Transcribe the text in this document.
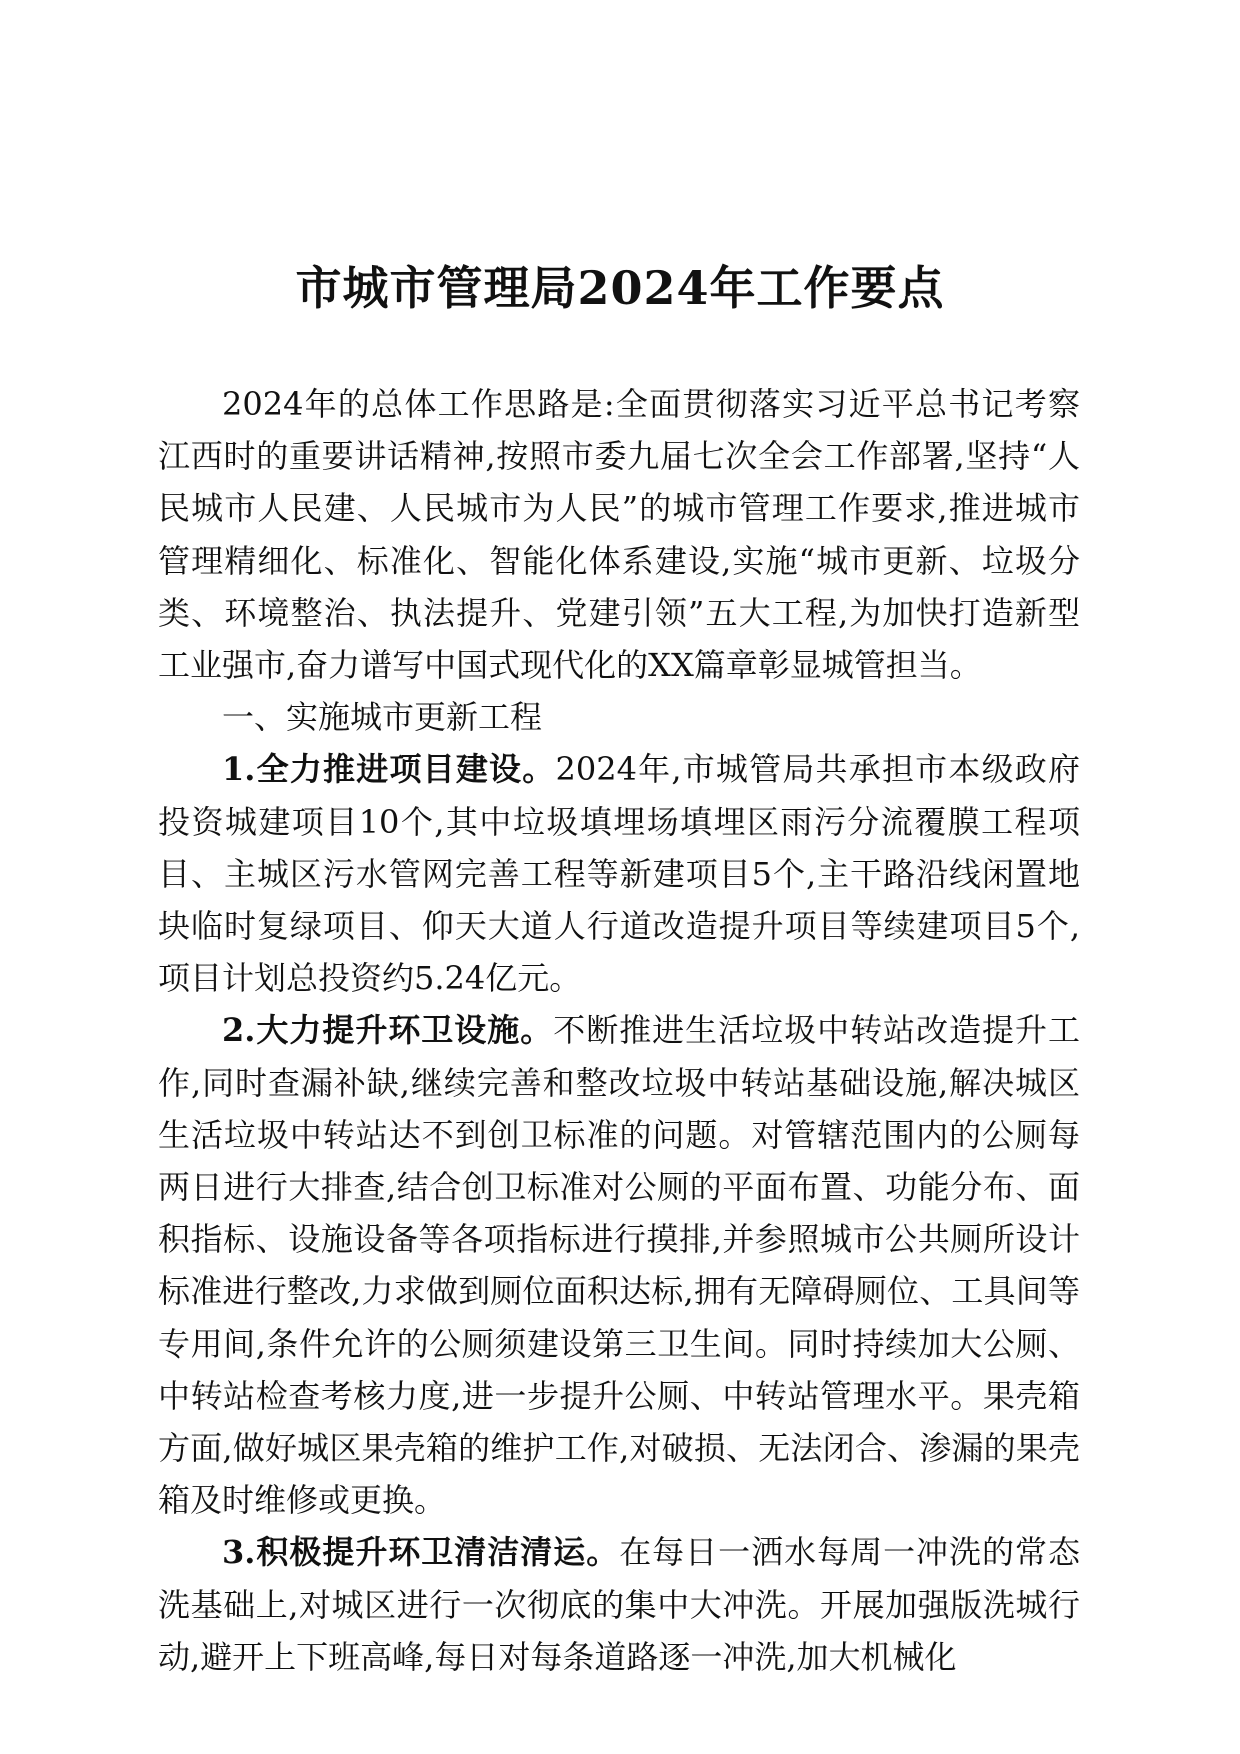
市城市管理局2024年工作要点

2024年的总体工作思路是:全面贯彻落实习近平总书记考察江西时的重要讲话精神,按照市委九届七次全会工作部署,坚持“人民城市人民建、人民城市为人民”的城市管理工作要求,推进城市管理精细化、标准化、智能化体系建设,实施“城市更新、垃圾分类、环境整治、执法提升、党建引领”五大工程,为加快打造新型工业强市,奋力谱写中国式现代化的XX篇章彰显城管担当。

一、实施城市更新工程

1.全力推进项目建设。2024年,市城管局共承担市本级政府投资城建项目10个,其中垃圾填埋场填埋区雨污分流覆膜工程项目、主城区污水管网完善工程等新建项目5个,主干路沿线闲置地块临时复绿项目、仰天大道人行道改造提升项目等续建项目5个,项目计划总投资约5.24亿元。

2.大力提升环卫设施。不断推进生活垃圾中转站改造提升工作,同时查漏补缺,继续完善和整改垃圾中转站基础设施,解决城区生活垃圾中转站达不到创卫标准的问题。对管辖范围内的公厕每两日进行大排查,结合创卫标准对公厕的平面布置、功能分布、面积指标、设施设备等各项指标进行摸排,并参照城市公共厕所设计标准进行整改,力求做到厕位面积达标,拥有无障碍厕位、工具间等专用间,条件允许的公厕须建设第三卫生间。同时持续加大公厕、中转站检查考核力度,进一步提升公厕、中转站管理水平。果壳箱方面,做好城区果壳箱的维护工作,对破损、无法闭合、渗漏的果壳箱及时维修或更换。

3.积极提升环卫清洁清运。在每日一洒水每周一冲洗的常态洗基础上,对城区进行一次彻底的集中大冲洗。开展加强版洗城行动,避开上下班高峰,每日对每条道路逐一冲洗,加大机械化
